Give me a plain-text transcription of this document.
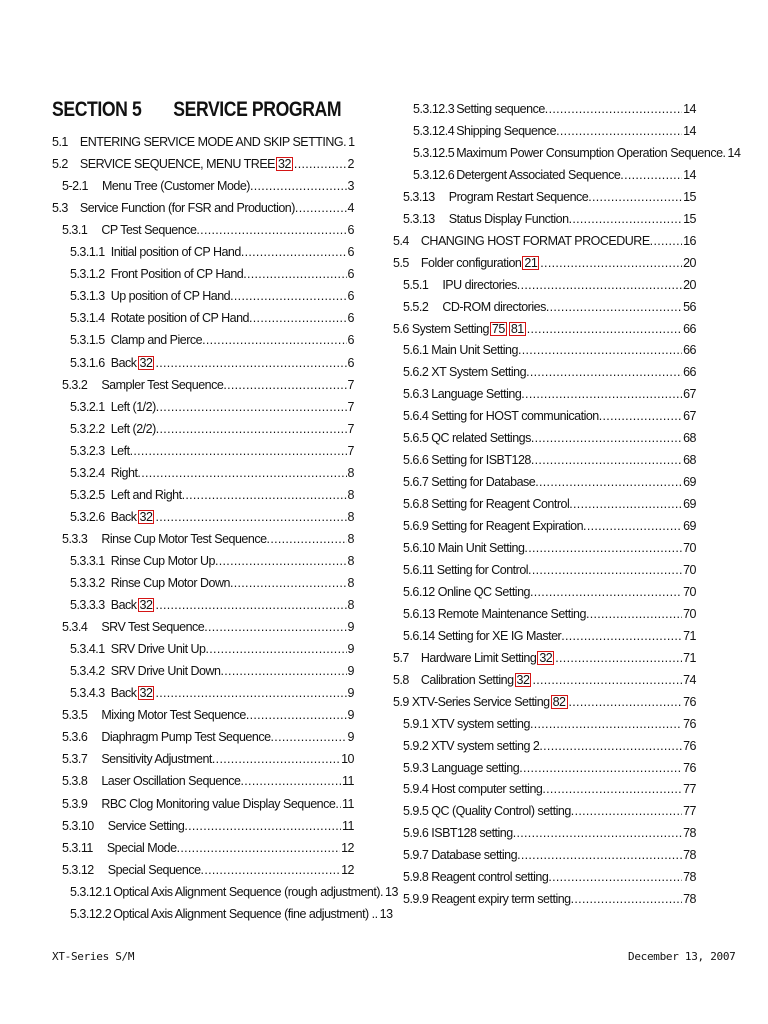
SECTION 5 SERVICE PROGRAM
5.1 ENTERING SERVICE MODE AND SKIP SETTING ..... 1
5.2 SERVICE SEQUENCE, MENU TREE 32 .....	2
5-2.1 Menu Tree (Customer Mode) .....	3
5.3 Service Function (for FSR and Production) .....	4
5.3.1 CP Test Sequence .....	6
5.3.1.1 Initial position of CP Hand .....	6
5.3.1.2 Front Position of CP Hand .....	6
5.3.1.3 Up position of CP Hand .....	6
5.3.1.4 Rotate position of CP Hand .....	6
5.3.1.5 Clamp and Pierce .....	6
5.3.1.6 Back 32 .....	6
5.3.2 Sampler Test Sequence .....	7
5.3.2.1 Left (1/2) .....	7
5.3.2.2 Left (2/2) .....	7
5.3.2.3 Left .....	7
5.3.2.4 Right .....	8
5.3.2.5 Left and Right .....	8
5.3.2.6 Back 32 .....	8
5.3.3 Rinse Cup Motor Test Sequence .....	8
5.3.3.1 Rinse Cup Motor Up .....	8
5.3.3.2 Rinse Cup Motor Down .....	8
5.3.3.3 Back 32 .....	8
5.3.4 SRV Test Sequence .....	9
5.3.4.1 SRV Drive Unit Up .....	9
5.3.4.2 SRV Drive Unit Down .....	9
5.3.4.3 Back 32 .....	9
5.3.5 Mixing Motor Test Sequence .....	9
5.3.6 Diaphragm Pump Test Sequence .....	9
5.3.7 Sensitivity Adjustment .....	10
5.3.8 Laser Oscillation Sequence .....	11
5.3.9 RBC Clog Monitoring value Display Sequence ..... 11
5.3.10 Service Setting .....	11
5.3.11 Special Mode .....	12
5.3.12 Special Sequence .....	12
5.3.12.1 Optical Axis Alignment Sequence (rough adjustment) ..... 13
5.3.12.2 Optical Axis Alignment Sequence (fine adjustment) . ..... 13
5.3.12.3 Setting sequence .....	14
5.3.12.4 Shipping Sequence .....	14
5.3.12.5 Maximum Power Consumption Operation Sequence ..... 14
5.3.12.6 Detergent Associated Sequence .....	14
5.3.13 Program Restart Sequence .....	15
5.3.13 Status Display Function .....	15
5.4 CHANGING HOST FORMAT PROCEDURE .....	16
5.5 Folder configuration 21 .....	20
5.5.1 IPU directories .....	20
5.5.2 CD-ROM directories .....	56
5.6 System Setting 75 81 .....	66
5.6.1 Main Unit Setting .....	66
5.6.2 XT System Setting .....	66
5.6.3 Language Setting .....	67
5.6.4 Setting for HOST communication .....	67
5.6.5 QC related Settings .....	68
5.6.6 Setting for ISBT128 .....	68
5.6.7 Setting for Database .....	69
5.6.8 Setting for Reagent Control .....	69
5.6.9 Setting for Reagent Expiration .....	69
5.6.10 Main Unit Setting .....	70
5.6.11 Setting for Control .....	70
5.6.12 Online QC Setting .....	70
5.6.13 Remote Maintenance Setting .....	70
5.6.14 Setting for XE IG Master .....	71
5.7 Hardware Limit Setting 32 .....	71
5.8 Calibration Setting 32 .....	74
5.9 XTV-Series Service Setting 82 .....	76
5.9.1 XTV system setting .....	76
5.9.2 XTV system setting 2 .....	76
5.9.3 Language setting .....	76
5.9.4 Host computer setting .....	77
5.9.5 QC (Quality Control) setting .....	77
5.9.6 ISBT128 setting .....	78
5.9.7 Database setting .....	78
5.9.8 Reagent control setting .....	78
5.9.9 Reagent expiry term setting .....	78
XT-Series S/M	December 13, 2007
